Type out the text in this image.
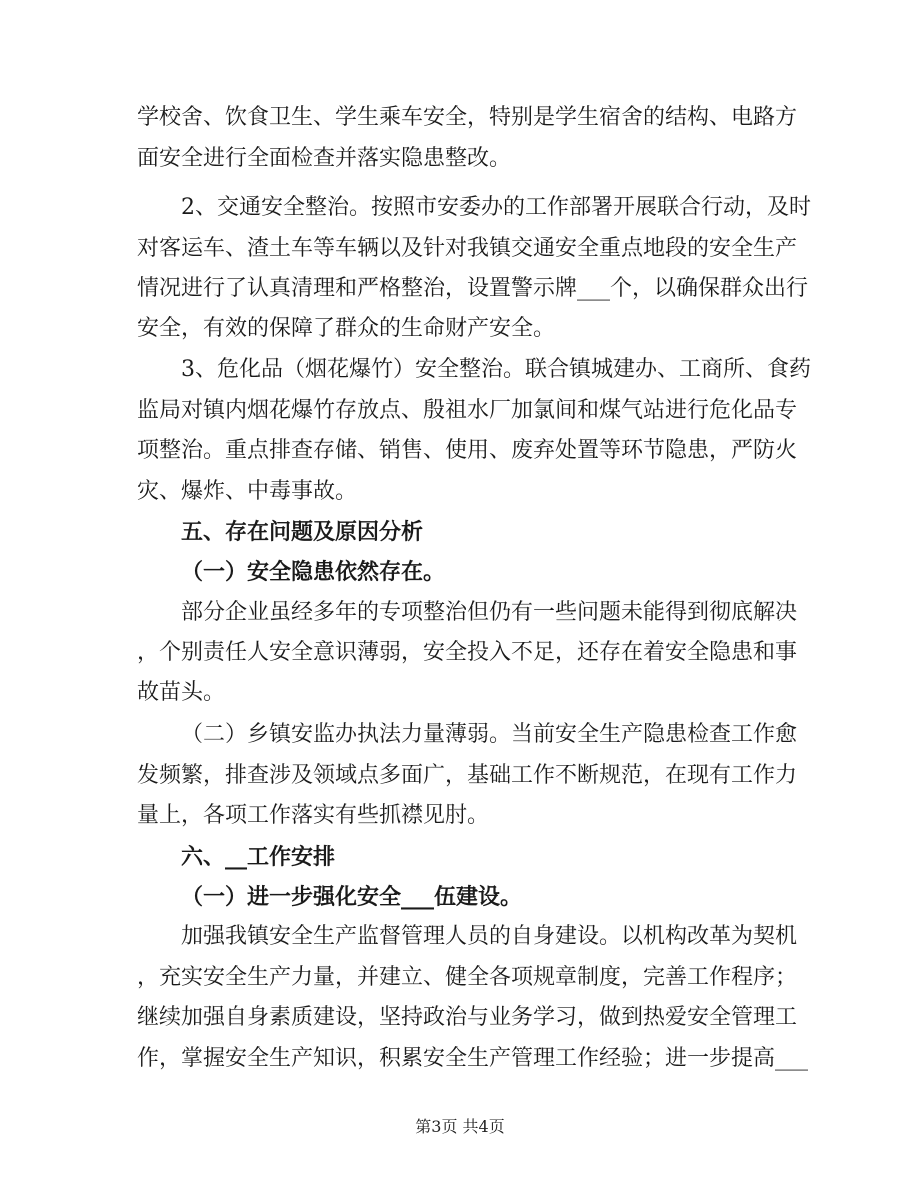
学校舍、饮食卫生、学生乘车安全，特别是学生宿舍的结构、电路方
面安全进行全面检查并落实隐患整改。
2、交通安全整治。按照市安委办的工作部署开展联合行动，及时
对客运车、渣土车等车辆以及针对我镇交通安全重点地段的安全生产
情况进行了认真清理和严格整治，设置警示牌___个，以确保群众出行
安全，有效的保障了群众的生命财产安全。
3、危化品（烟花爆竹）安全整治。联合镇城建办、工商所、食药
监局对镇内烟花爆竹存放点、殷祖水厂加氯间和煤气站进行危化品专
项整治。重点排查存储、销售、使用、废弃处置等环节隐患，严防火
灾、爆炸、中毒事故。
五、存在问题及原因分析
（一）安全隐患依然存在。
部分企业虽经多年的专项整治但仍有一些问题未能得到彻底解决
，个别责任人安全意识薄弱，安全投入不足，还存在着安全隐患和事
故苗头。
（二）乡镇安监办执法力量薄弱。当前安全生产隐患检查工作愈
发频繁，排查涉及领域点多面广，基础工作不断规范，在现有工作力
量上，各项工作落实有些抓襟见肘。
六、__工作安排
（一）进一步强化安全___伍建设。
加强我镇安全生产监督管理人员的自身建设。以机构改革为契机
，充实安全生产力量，并建立、健全各项规章制度，完善工作程序；
继续加强自身素质建设，坚持政治与业务学习，做到热爱安全管理工
作，掌握安全生产知识，积累安全生产管理工作经验；进一步提高___
第3页 共4页
